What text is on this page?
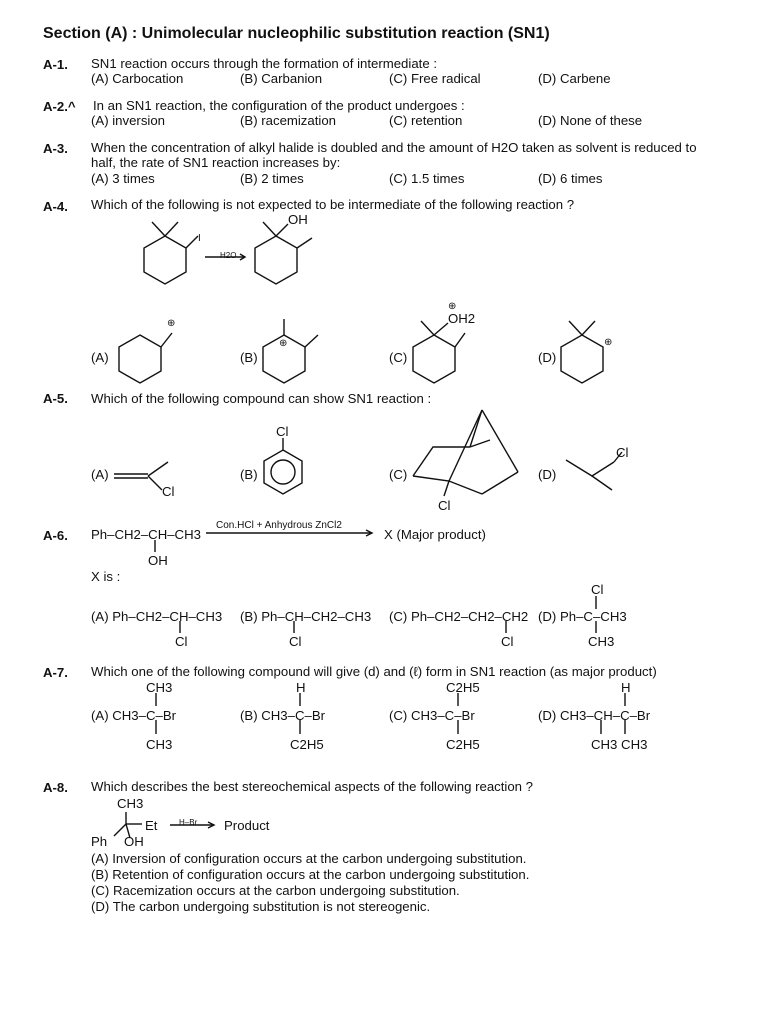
Section (A) : Unimolecular nucleophilic substitution reaction (SN1)
A-1. SN1 reaction occurs through the formation of intermediate :
(A) Carbocation	(B) Carbanion	(C) Free radical	(D) Carbene
A-2.^ In an SN1 reaction, the configuration of the product undergoes :
(A) inversion	(B) racemization	(C) retention	(D) None of these
A-3. When the concentration of alkyl halide is doubled and the amount of H2O taken as solvent is reduced to
half, the rate of SN1 reaction increases by:
(A) 3 times	(B) 2 times	(C) 1.5 times	(D) 6 times
A-4. Which of the following is not expected to be intermediate of the following reaction ?
I
H2O
OH
(A)
⊕
(B)
⊕
(C)
⊕
OH2
(D)
⊕
A-5. Which of the following compound can show SN1 reaction :
(A)
Cl
(B)
Cl
(C)
Cl
(D)
Cl
A-6. Ph–CH2–CH–CH3
OH
Con.HCl + Anhydrous ZnCl2
X (Major product)
X is :
(A) Ph–CH2–CH–CH3
Cl
(B) Ph–CH–CH2–CH3
Cl
(C) Ph–CH2–CH2–CH2
Cl
(D) Ph–C–CH3
Cl
CH3
A-7. Which one of the following compound will give (d) and (ℓ) form in SN1 reaction (as major product)
CH3
(A) CH3–C–Br
CH3
H
(B) CH3–C–Br
C2H5
C2H5
(C) CH3–C–Br
C2H5
H
(D) CH3–CH–C–Br
CH3 CH3
A-8. Which describes the best stereochemical aspects of the following reaction ?
CH3
Et	H–Br Product
Ph OH
(A) Inversion of configuration occurs at the carbon undergoing substitution.
(B) Retention of configuration occurs at the carbon undergoing substitution.
(C) Racemization occurs at the carbon undergoing substitution.
(D) The carbon undergoing substitution is not stereogenic.
